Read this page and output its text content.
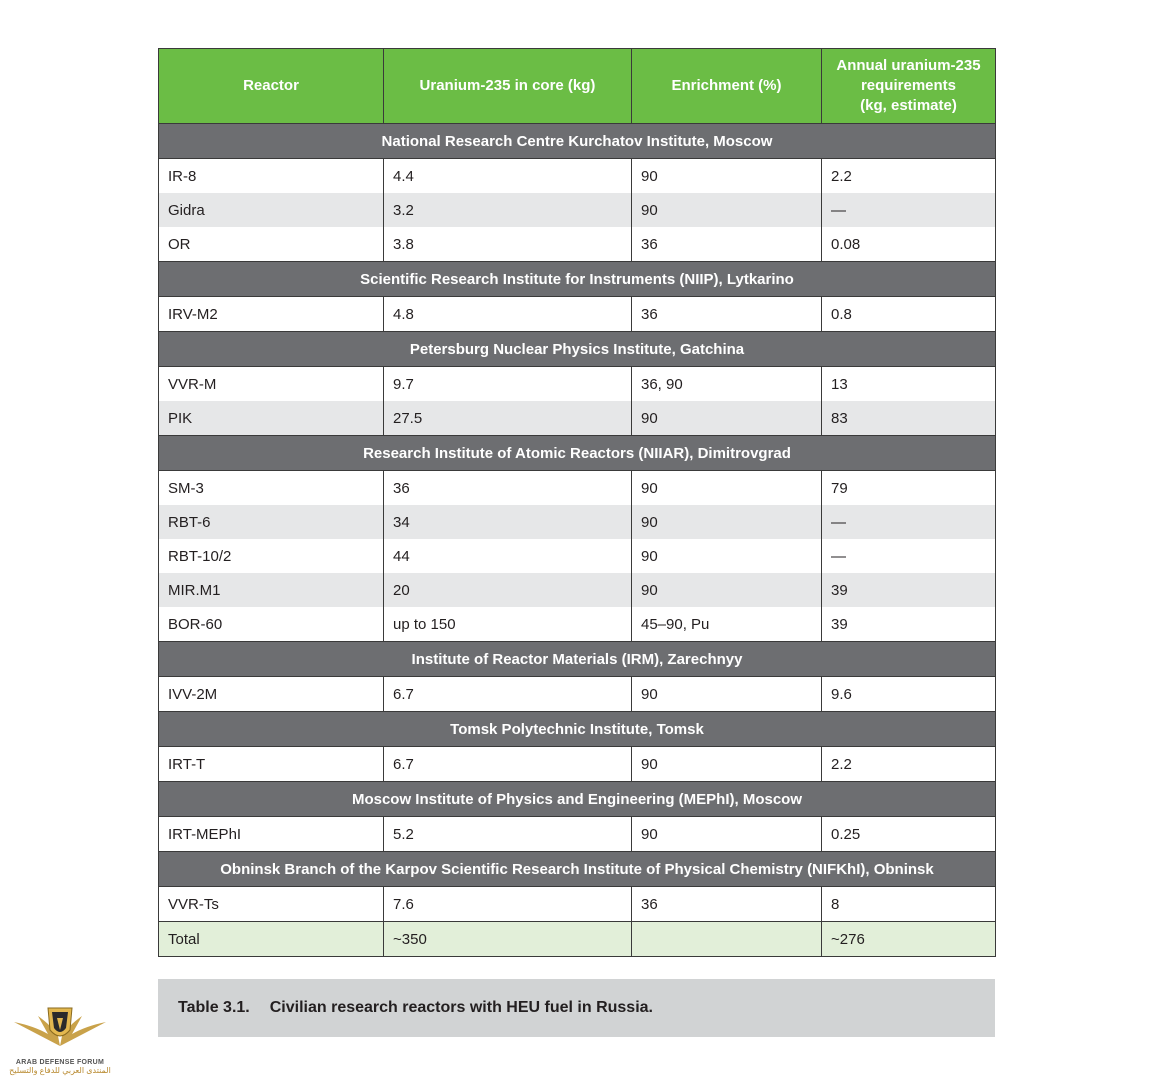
Reactor	Uranium-235 in core (kg)	Enrichment (%)	Annual uranium-235
requirements
(kg, estimate)

National Research Centre Kurchatov Institute, Moscow			
IR-8	4.4	90	2.2
Gidra	3.2	90	—
OR	3.8	36	0.08
Scientific Research Institute for Instruments (NIIP), Lytkarino			
IRV-M2	4.8	36	0.8
Petersburg Nuclear Physics Institute, Gatchina			
VVR-M	9.7	36, 90	13
PIK	27.5	90	83
Research Institute of Atomic Reactors (NIIAR), Dimitrovgrad			
SM-3	36	90	79
RBT-6	34	90	—
RBT-10/2	44	90	—
MIR.M1	20	90	39
BOR-60	up to 150	45–90, Pu	39
Institute of Reactor Materials (IRM), Zarechnyy			
IVV-2M	6.7	90	9.6
Tomsk Polytechnic Institute, Tomsk			
IRT-T	6.7	90	2.2
Moscow Institute of Physics and Engineering (MEPhI), Moscow			
IRT-MEPhI	5.2	90	0.25
Obninsk Branch of the Karpov Scientific Research Institute of Physical Chemistry (NIFKhI), Obninsk			
VVR-Ts	7.6	36	8
Total	~350		~276
Table 3.1. Civilian research reactors with HEU fuel in Russia.
ARAB DEFENSE FORUM
المنتدى العربي للدفاع والتسليح
